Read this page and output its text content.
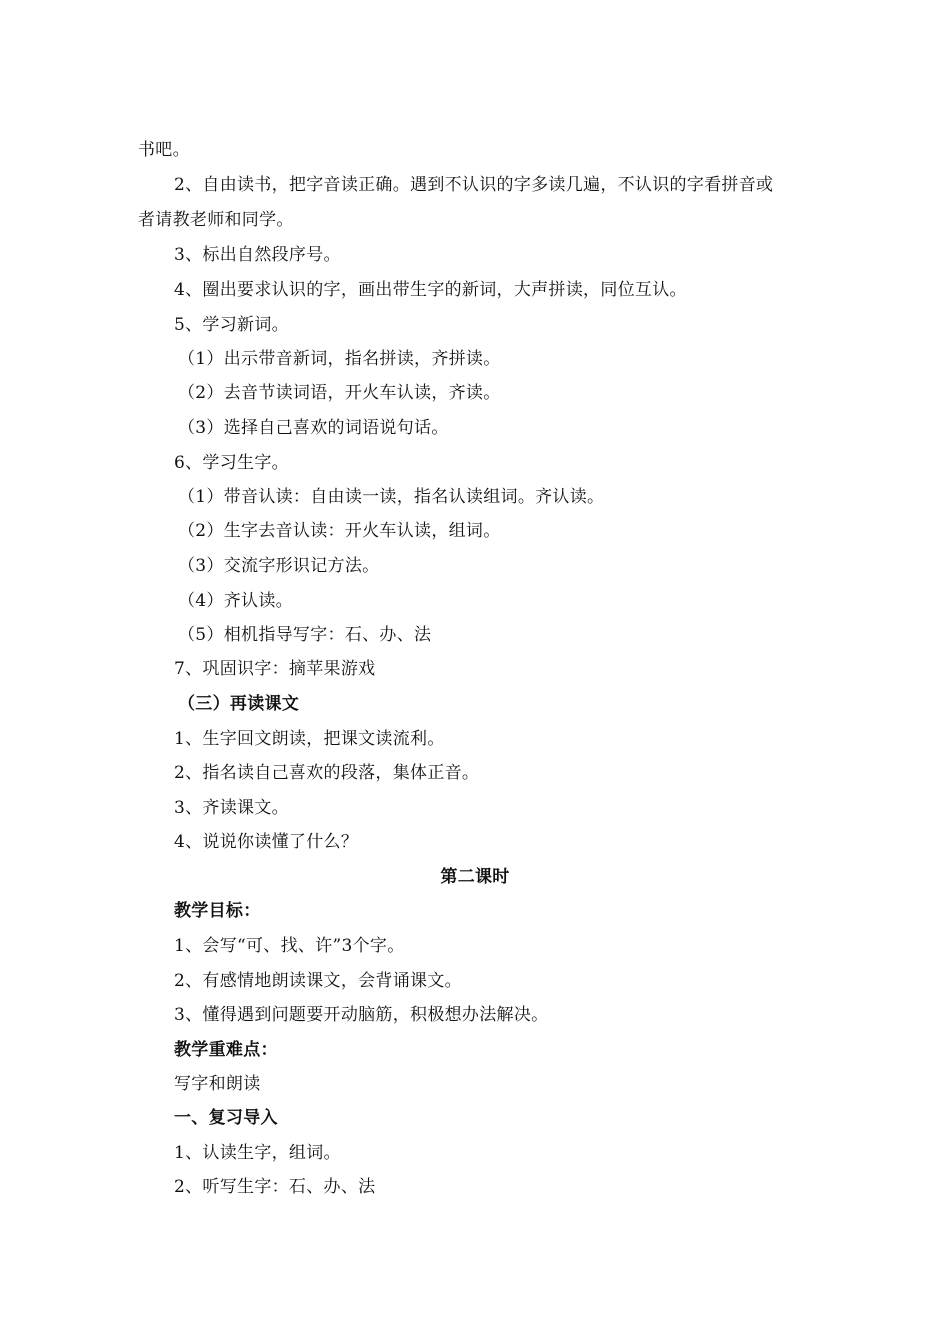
书吧。
2、自由读书，把字音读正确。遇到不认识的字多读几遍，不认识的字看拼音或
者请教老师和同学。
3、标出自然段序号。
4、圈出要求认识的字，画出带生字的新词，大声拼读，同位互认。
5、学习新词。
（1）出示带音新词，指名拼读，齐拼读。
（2）去音节读词语，开火车认读，齐读。
（3）选择自己喜欢的词语说句话。
6、学习生字。
（1）带音认读：自由读一读，指名认读组词。齐认读。
（2）生字去音认读：开火车认读，组词。
（3）交流字形识记方法。
（4）齐认读。
（5）相机指导写字：石、办、法
7、巩固识字：摘苹果游戏
（三）再读课文
1、生字回文朗读，把课文读流利。
2、指名读自己喜欢的段落，集体正音。
3、齐读课文。
4、说说你读懂了什么？
第二课时
教学目标：
1、会写“可、找、许”3个字。
2、有感情地朗读课文，会背诵课文。
3、懂得遇到问题要开动脑筋，积极想办法解决。
教学重难点：
写字和朗读
一、复习导入
1、认读生字，组词。
2、听写生字：石、办、法
